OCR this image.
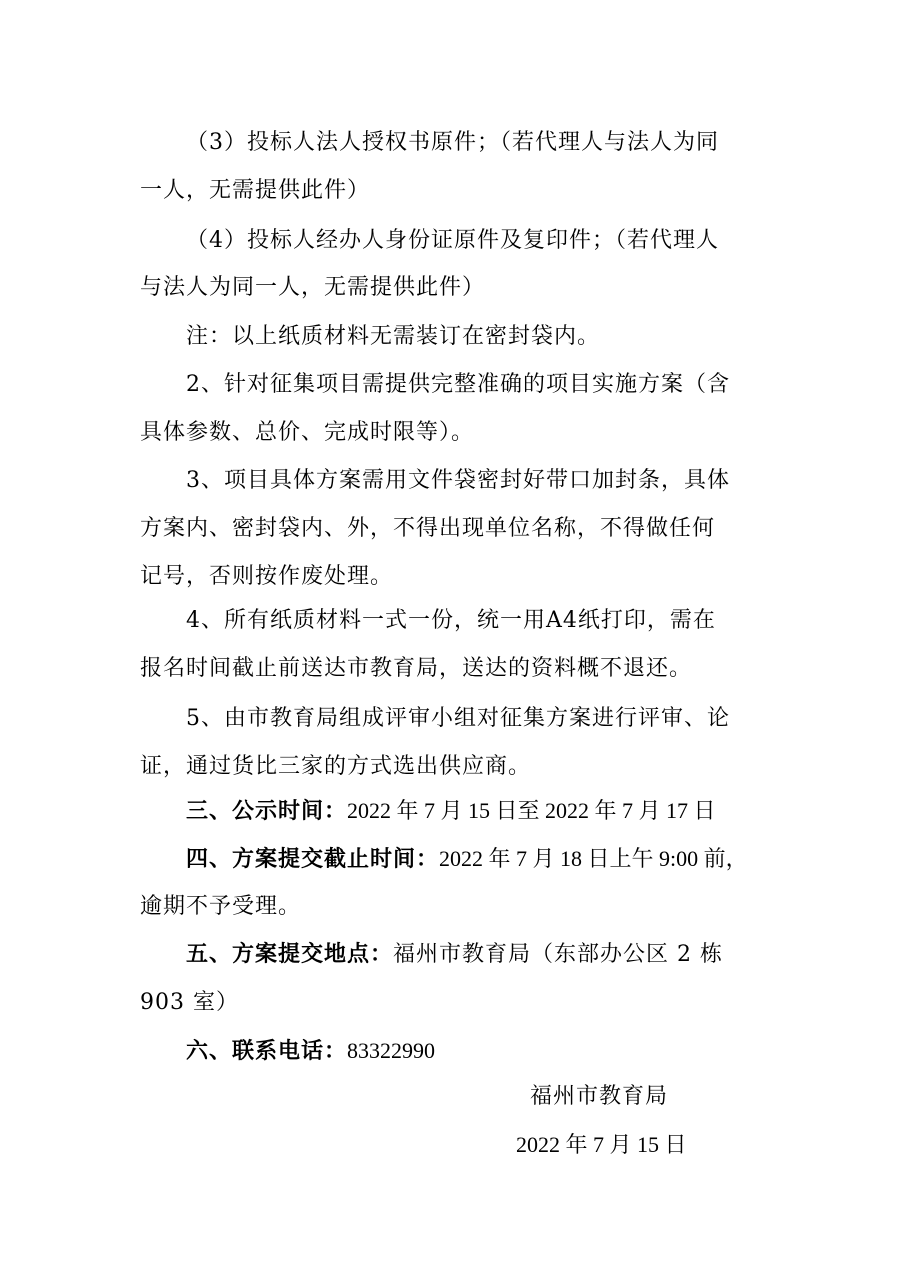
（3）投标人法人授权书原件；（若代理人与法人为同
一人，无需提供此件）
（4）投标人经办人身份证原件及复印件；（若代理人
与法人为同一人，无需提供此件）
注：以上纸质材料无需装订在密封袋内。
2、针对征集项目需提供完整准确的项目实施方案（含
具体参数、总价、完成时限等）。
3、项目具体方案需用文件袋密封好带口加封条，具体
方案内、密封袋内、外，不得出现单位名称，不得做任何
记号，否则按作废处理。
4、所有纸质材料一式一份，统一用A4纸打印，需在
报名时间截止前送达市教育局，送达的资料概不退还。
5、由市教育局组成评审小组对征集方案进行评审、论
证，通过货比三家的方式选出供应商。
三、公示时间：2022 年 7 月 15 日至 2022 年 7 月 17 日
四、方案提交截止时间：2022 年 7 月 18 日上午 9:00 前，
逾期不予受理。
五、方案提交地点：福州市教育局（东部办公区 2 栋
903 室）
六、联系电话：83322990
福州市教育局
2022 年 7 月 15 日
